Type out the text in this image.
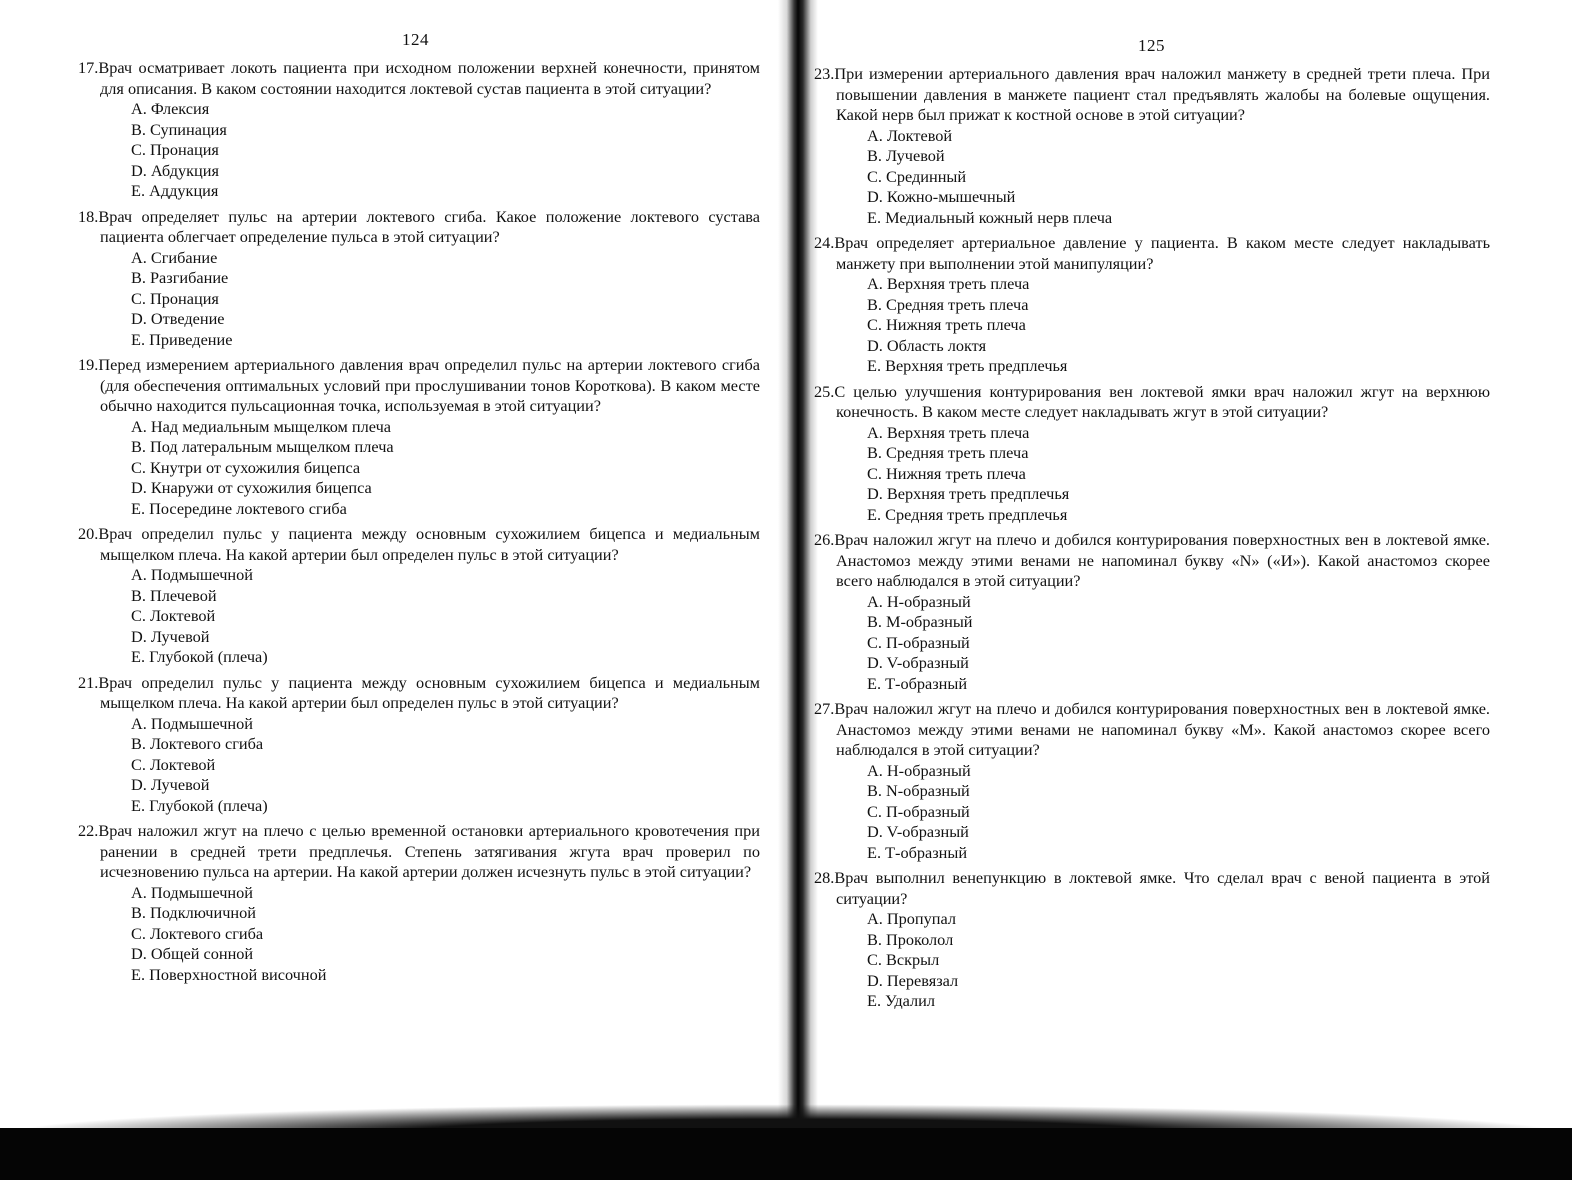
124
17.Врач осматривает локоть пациента при исходном положении верхней конечности, принятом для описания. В каком состоянии находится локтевой сустав пациента в этой ситуации?
А. Флексия
В. Супинация
С. Пронация
D. Абдукция
Е. Аддукция
18.Врач определяет пульс на артерии локтевого сгиба. Какое положение локтевого сустава пациента облегчает определение пульса в этой ситуации?
А. Сгибание
В. Разгибание
С. Пронация
D. Отведение
Е. Приведение
19.Перед измерением артериального давления врач определил пульс на артерии локтевого сгиба (для обеспечения оптимальных условий при прослушивании тонов Короткова). В каком месте обычно находится пульсационная точка, используемая в этой ситуации?
А. Над медиальным мыщелком плеча
В. Под латеральным мыщелком плеча
С. Кнутри от сухожилия бицепса
D. Кнаружи от сухожилия бицепса
Е. Посередине локтевого сгиба
20.Врач определил пульс у пациента между основным сухожилием бицепса и медиальным мыщелком плеча. На какой артерии был определен пульс в этой ситуации?
А. Подмышечной
В. Плечевой
С. Локтевой
D. Лучевой
Е. Глубокой (плеча)
21.Врач определил пульс у пациента между основным сухожилием бицепса и медиальным мыщелком плеча. На какой артерии был определен пульс в этой ситуации?
А. Подмышечной
В. Локтевого сгиба
С. Локтевой
D. Лучевой
Е. Глубокой (плеча)
22.Врач наложил жгут на плечо с целью временной остановки артериального кровотечения при ранении в средней трети предплечья. Степень затягивания жгута врач проверил по исчезновению пульса на артерии. На какой артерии должен исчезнуть пульс в этой ситуации?
А. Подмышечной
В. Подключичной
С. Локтевого сгиба
D. Общей сонной
Е. Поверхностной височной
125
23.При измерении артериального давления врач наложил манжету в средней трети плеча. При повышении давления в манжете пациент стал предъявлять жалобы на болевые ощущения. Какой нерв был прижат к костной основе в этой ситуации?
А. Локтевой
В. Лучевой
С. Срединный
D. Кожно-мышечный
Е. Медиальный кожный нерв плеча
24.Врач определяет артериальное давление у пациента. В каком месте следует накладывать манжету при выполнении этой манипуляции?
А. Верхняя треть плеча
В. Средняя треть плеча
С. Нижняя треть плеча
D. Область локтя
Е. Верхняя треть предплечья
25.С целью улучшения контурирования вен локтевой ямки врач наложил жгут на верхнюю конечность. В каком месте следует накладывать жгут в этой ситуации?
А. Верхняя треть плеча
В. Средняя треть плеча
С. Нижняя треть плеча
D. Верхняя треть предплечья
Е. Средняя треть предплечья
26.Врач наложил жгут на плечо и добился контурирования поверхностных вен в локтевой ямке. Анастомоз между этими венами не напоминал букву «N» («И»). Какой анастомоз скорее всего наблюдался в этой ситуации?
А. Н-образный
В. М-образный
С. П-образный
D. V-образный
Е. Т-образный
27.Врач наложил жгут на плечо и добился контурирования поверхностных вен в локтевой ямке. Анастомоз между этими венами не напоминал букву «М». Какой анастомоз скорее всего наблюдался в этой ситуации?
А. Н-образный
В. N-образный
С. П-образный
D. V-образный
Е. Т-образный
28.Врач выполнил венепункцию в локтевой ямке. Что сделал врач с веной пациента в этой ситуации?
А. Пропупал
В. Проколол
С. Вскрыл
D. Перевязал
Е. Удалил
